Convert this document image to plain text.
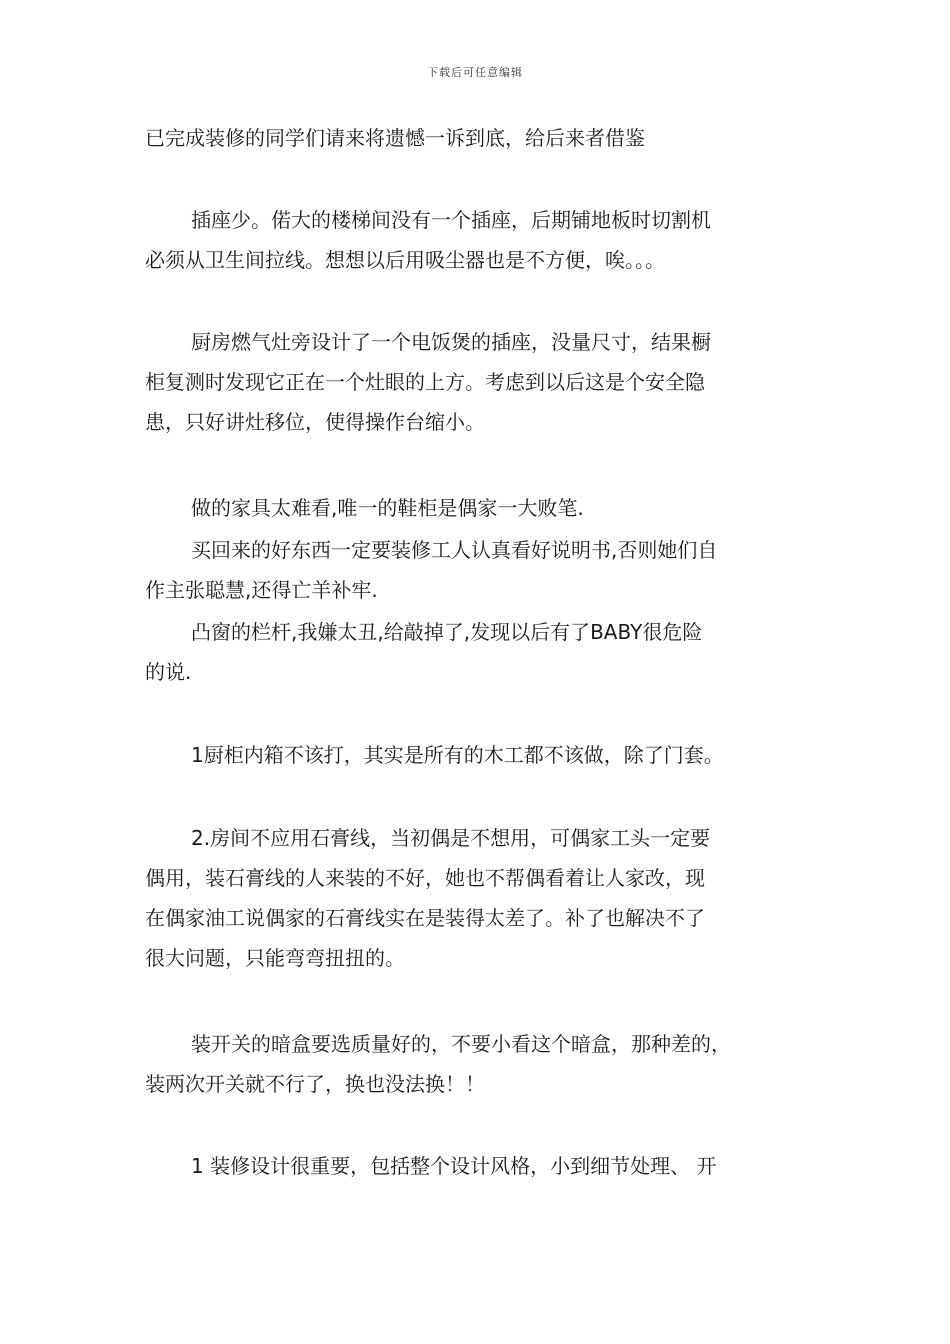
下载后可任意编辑
已完成装修的同学们请来将遗憾一诉到底，给后来者借鉴
插座少。偌大的楼梯间没有一个插座，后期铺地板时切割机
必须从卫生间拉线。想想以后用吸尘器也是不方便，唉。。。
厨房燃气灶旁设计了一个电饭煲的插座，没量尺寸，结果橱
柜复测时发现它正在一个灶眼的上方。考虑到以后这是个安全隐
患，只好讲灶移位，使得操作台缩小。
做的家具太难看,唯一的鞋柜是偶家一大败笔.
买回来的好东西一定要装修工人认真看好说明书,否则她们自
作主张聪慧,还得亡羊补牢.
凸窗的栏杆,我嫌太丑,给敲掉了,发现以后有了BABY很危险
的说.
1厨柜内箱不该打，其实是所有的木工都不该做，除了门套。
2.房间不应用石膏线，当初偶是不想用，可偶家工头一定要
偶用，装石膏线的人来装的不好，她也不帮偶看着让人家改，现
在偶家油工说偶家的石膏线实在是装得太差了。补了也解决不了
很大问题，只能弯弯扭扭的。
装开关的暗盒要选质量好的，不要小看这个暗盒，那种差的，
装两次开关就不行了，换也没法换！！
1 装修设计很重要，包括整个设计风格，小到细节处理、 开
